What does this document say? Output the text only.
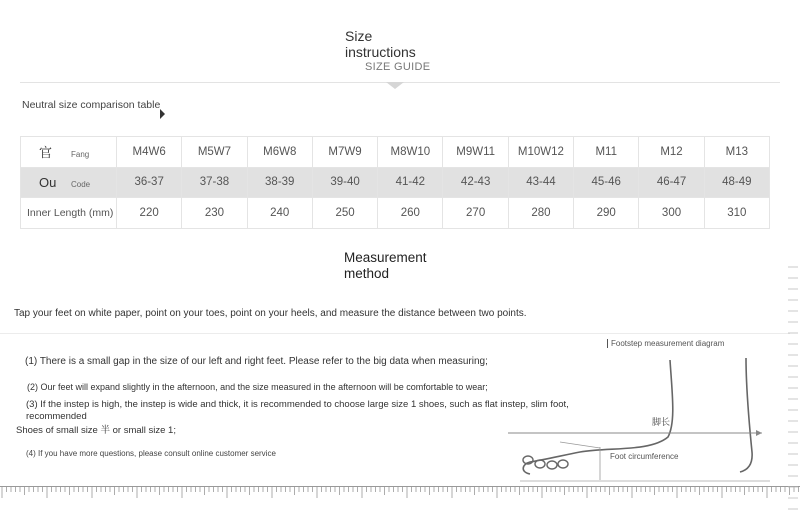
Size
instructions
SIZE GUIDE
Neutral size comparison table
官 Fang	M4W6	M5W7	M6W8	M7W9	M8W10	M9W11	M10W12	M11	M12	M13
Ou Code	36-37	37-38	38-39	39-40	41-42	42-43	43-44	45-46	46-47	48-49

Inner Length (mm)	220	230	240	250	260	270	280	290	300	310
Measurement
method
Tap your feet on white paper, point on your toes, point on your heels, and measure the distance between two points.
(1) There is a small gap in the size of our left and right feet. Please refer to the big data when measuring;
(2) Our feet will expand slightly in the afternoon, and the size measured in the afternoon will be comfortable to wear;
(3) If the instep is high, the instep is wide and thick, it is recommended to choose large size 1 shoes, such as flat instep, slim foot, recommended
Shoes of small size 半 or small size 1;
(4) If you have more questions, please consult online customer service
Footstep measurement diagram
脚长
Foot circumference
